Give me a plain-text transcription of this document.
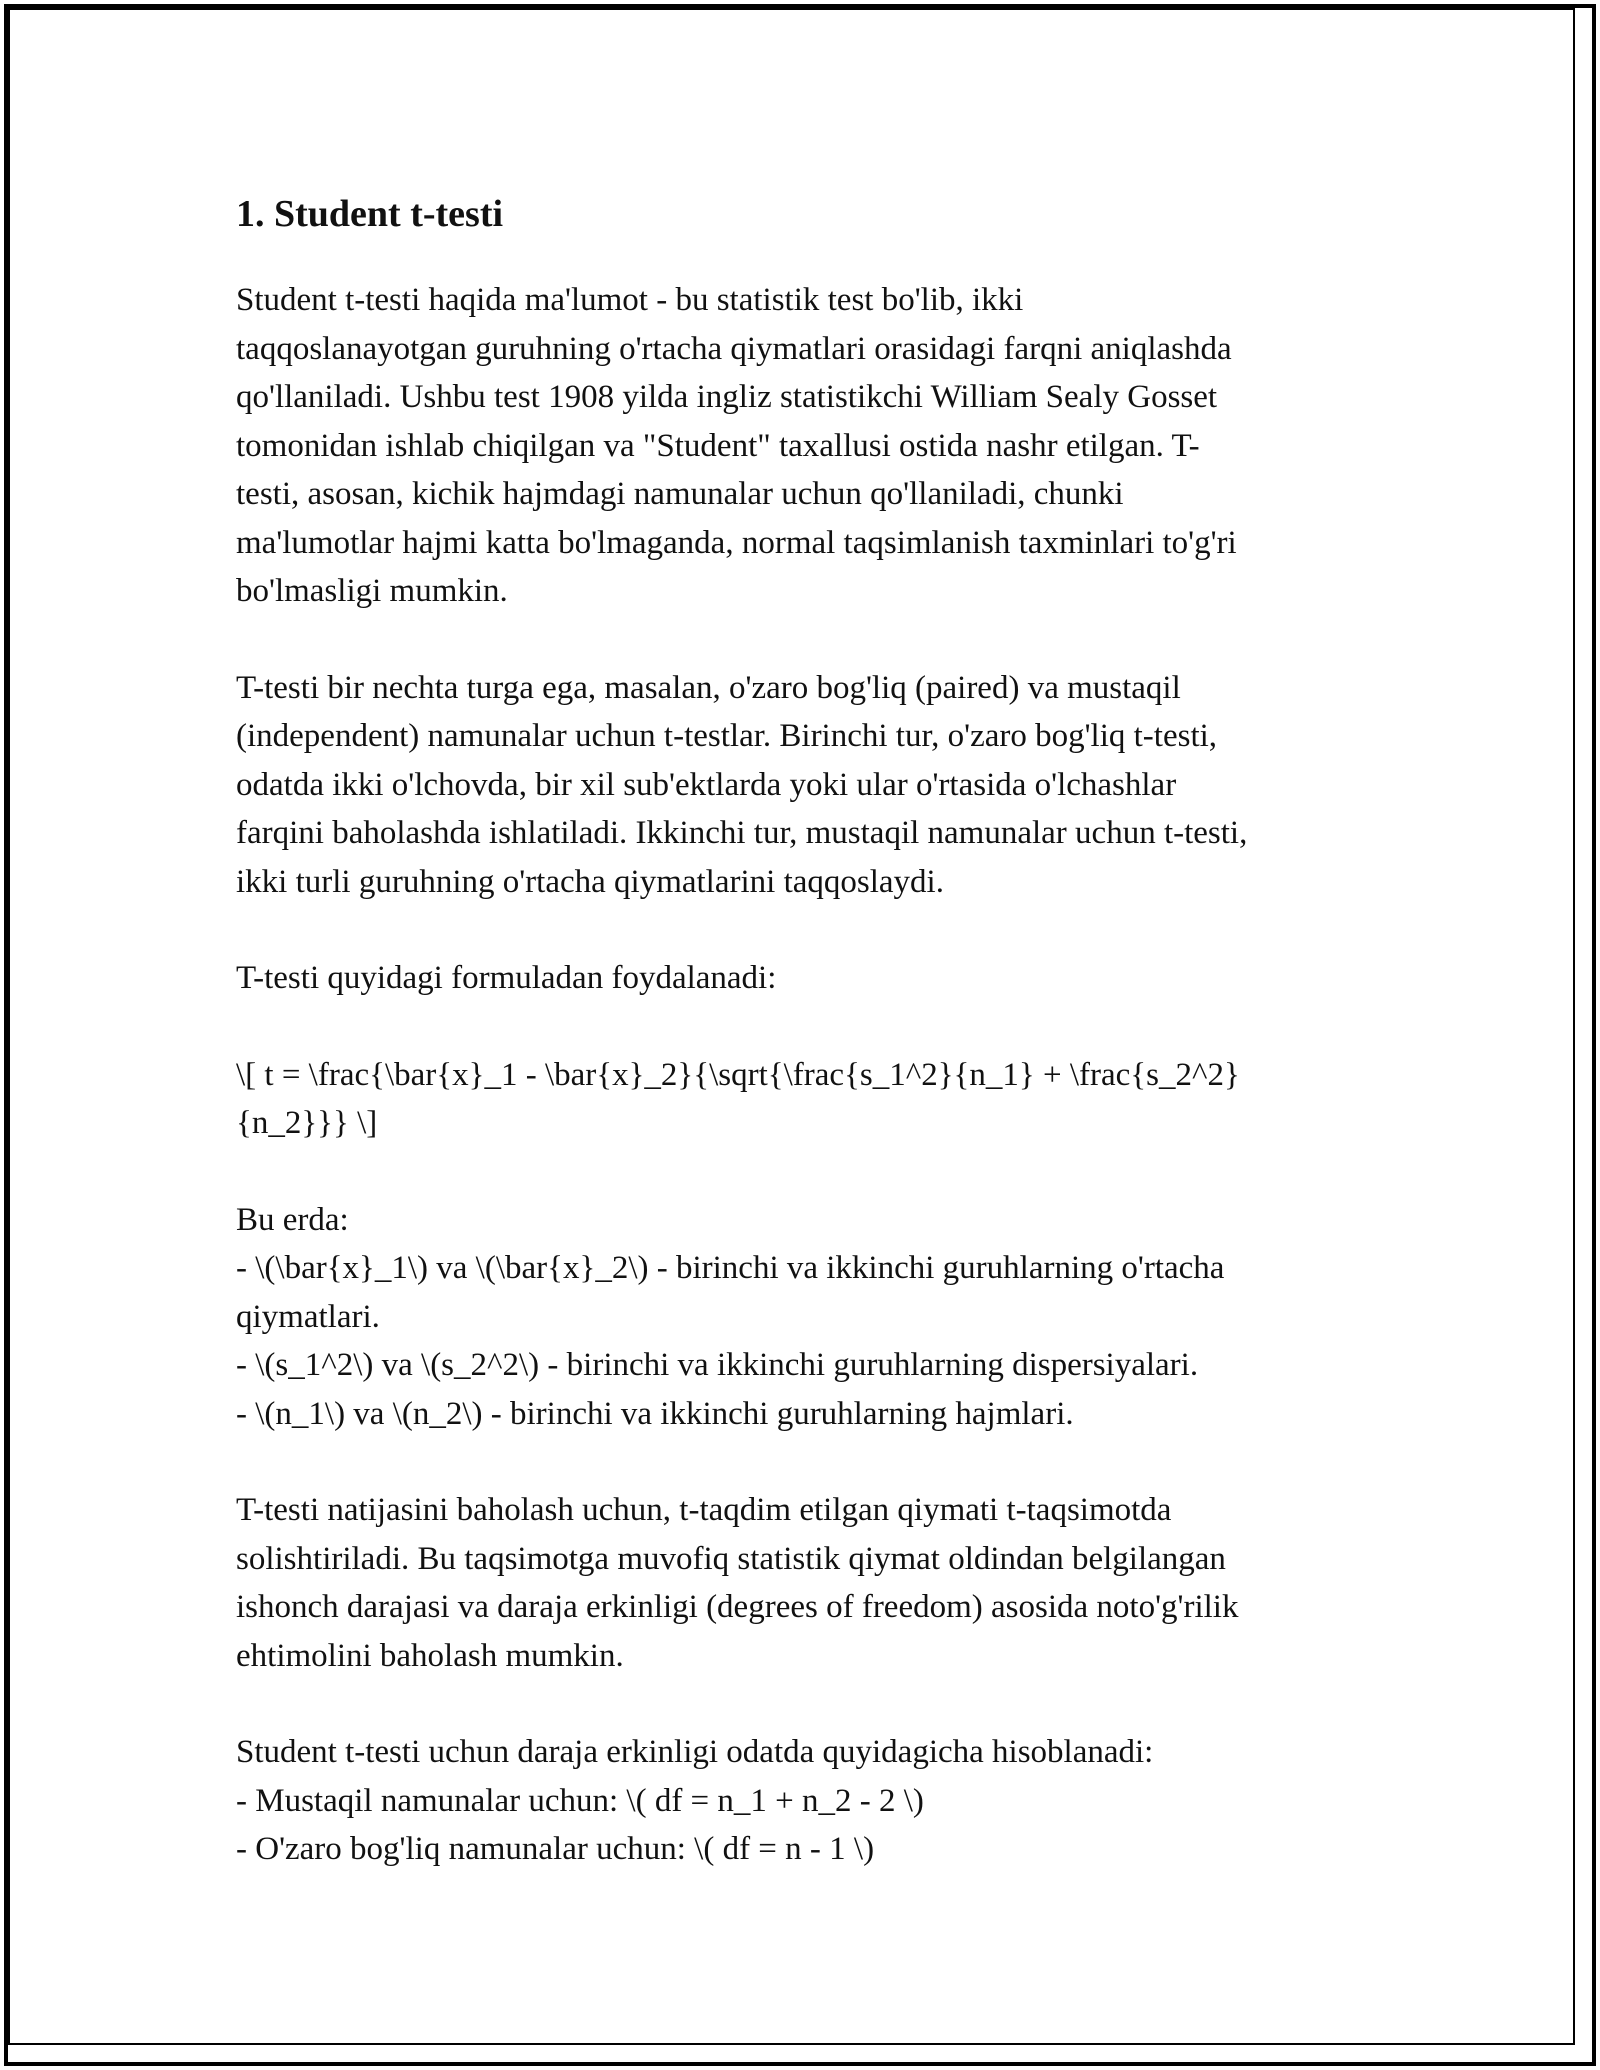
1. Student t-testi
Student t-testi haqida ma'lumot - bu statistik test bo'lib, ikki
taqqoslanayotgan guruhning o'rtacha qiymatlari orasidagi farqni aniqlashda
qo'llaniladi. Ushbu test 1908 yilda ingliz statistikchi William Sealy Gosset
tomonidan ishlab chiqilgan va "Student" taxallusi ostida nashr etilgan. T-
testi, asosan, kichik hajmdagi namunalar uchun qo'llaniladi, chunki
ma'lumotlar hajmi katta bo'lmaganda, normal taqsimlanish taxminlari to'g'ri
bo'lmasligi mumkin.
T-testi bir nechta turga ega, masalan, o'zaro bog'liq (paired) va mustaqil
(independent) namunalar uchun t-testlar. Birinchi tur, o'zaro bog'liq t-testi,
odatda ikki o'lchovda, bir xil sub'ektlarda yoki ular o'rtasida o'lchashlar
farqini baholashda ishlatiladi. Ikkinchi tur, mustaqil namunalar uchun t-testi,
ikki turli guruhning o'rtacha qiymatlarini taqqoslaydi.
T-testi quyidagi formuladan foydalanadi:
\[ t = \frac{\bar{x}_1 - \bar{x}_2}{\sqrt{\frac{s_1^2}{n_1} + \frac{s_2^2}
{n_2}}} \]
Bu erda:
- \(\bar{x}_1\) va \(\bar{x}_2\) - birinchi va ikkinchi guruhlarning o'rtacha
qiymatlari.
- \(s_1^2\) va \(s_2^2\) - birinchi va ikkinchi guruhlarning dispersiyalari.
- \(n_1\) va \(n_2\) - birinchi va ikkinchi guruhlarning hajmlari.
T-testi natijasini baholash uchun, t-taqdim etilgan qiymati t-taqsimotda
solishtiriladi. Bu taqsimotga muvofiq statistik qiymat oldindan belgilangan
ishonch darajasi va daraja erkinligi (degrees of freedom) asosida noto'g'rilik
ehtimolini baholash mumkin.
Student t-testi uchun daraja erkinligi odatda quyidagicha hisoblanadi:
- Mustaqil namunalar uchun: \( df = n_1 + n_2 - 2 \)
- O'zaro bog'liq namunalar uchun: \( df = n - 1 \)
